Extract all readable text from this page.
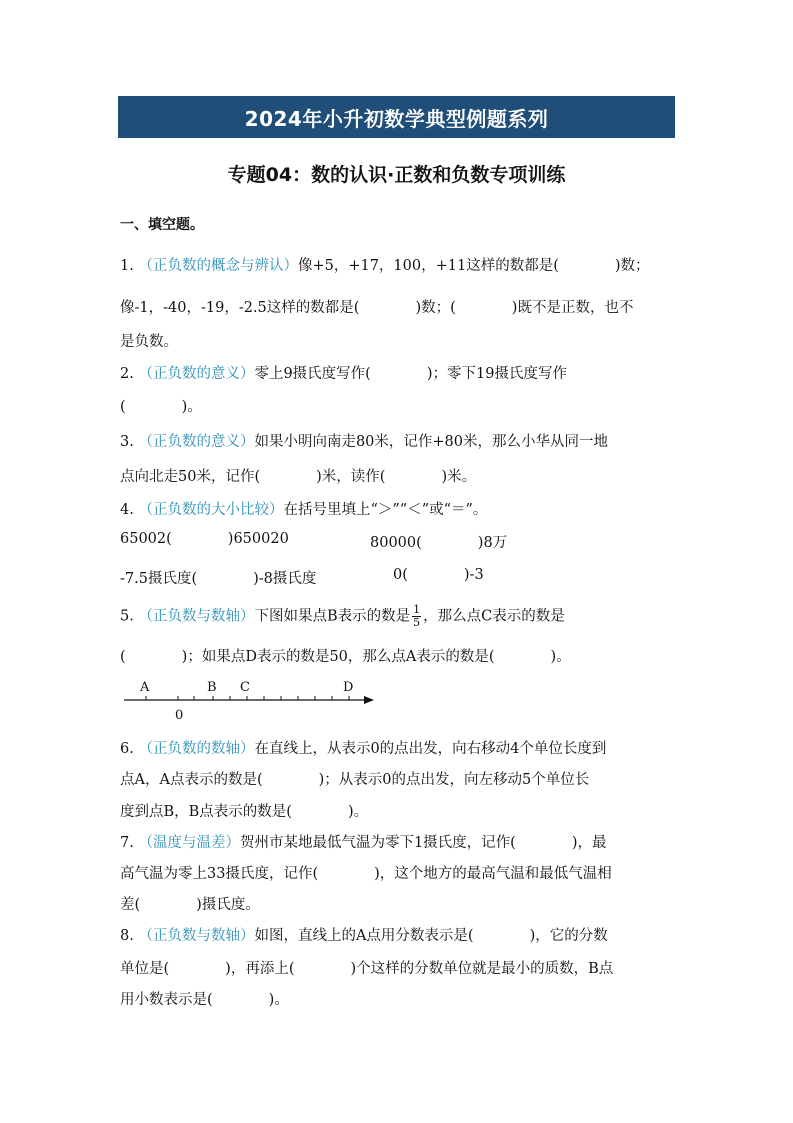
2024年小升初数学典型例题系列
专题04：数的认识·正数和负数专项训练
一、填空题。
1. （正负数的概念与辨认）像+5，+17，100，+11这样的数都是(	)数；
像-1，-40，-19，-2.5这样的数都是(	)数；(	)既不是正数，也不
是负数。
2. （正负数的意义）零上9摄氏度写作(	)；零下19摄氏度写作
(	)。
3. （正负数的意义）如果小明向南走80米，记作+80米，那么小华从同一地
点向北走50米，记作(	)米，读作(	)米。
4. （正负数的大小比较）在括号里填上“＞”“＜”或“＝”。
65002(	)650020	80000(	)8万
-7.5摄氏度(	)-8摄氏度	0(	)-3
5. （正负数与数轴）下图如果点B表示的数是 $\frac{1}{5}$ ，那么点C表示的数是
(	)；如果点D表示的数是50，那么点A表示的数是(	)。
A	B C	D
0
6. （正负数的数轴）在直线上，从表示0的点出发，向右移动4个单位长度到
点A，A点表示的数是(	)；从表示0的点出发，向左移动5个单位长
度到点B，B点表示的数是(	)。
7. （温度与温差）贺州市某地最低气温为零下1摄氏度，记作(	)，最
高气温为零上33摄氏度，记作(	)，这个地方的最高气温和最低气温相
差(	)摄氏度。
8. （正负数与数轴）如图，直线上的A点用分数表示是(	)，它的分数
单位是(	)，再添上(	)个这样的分数单位就是最小的质数，B点
用小数表示是(	)。
